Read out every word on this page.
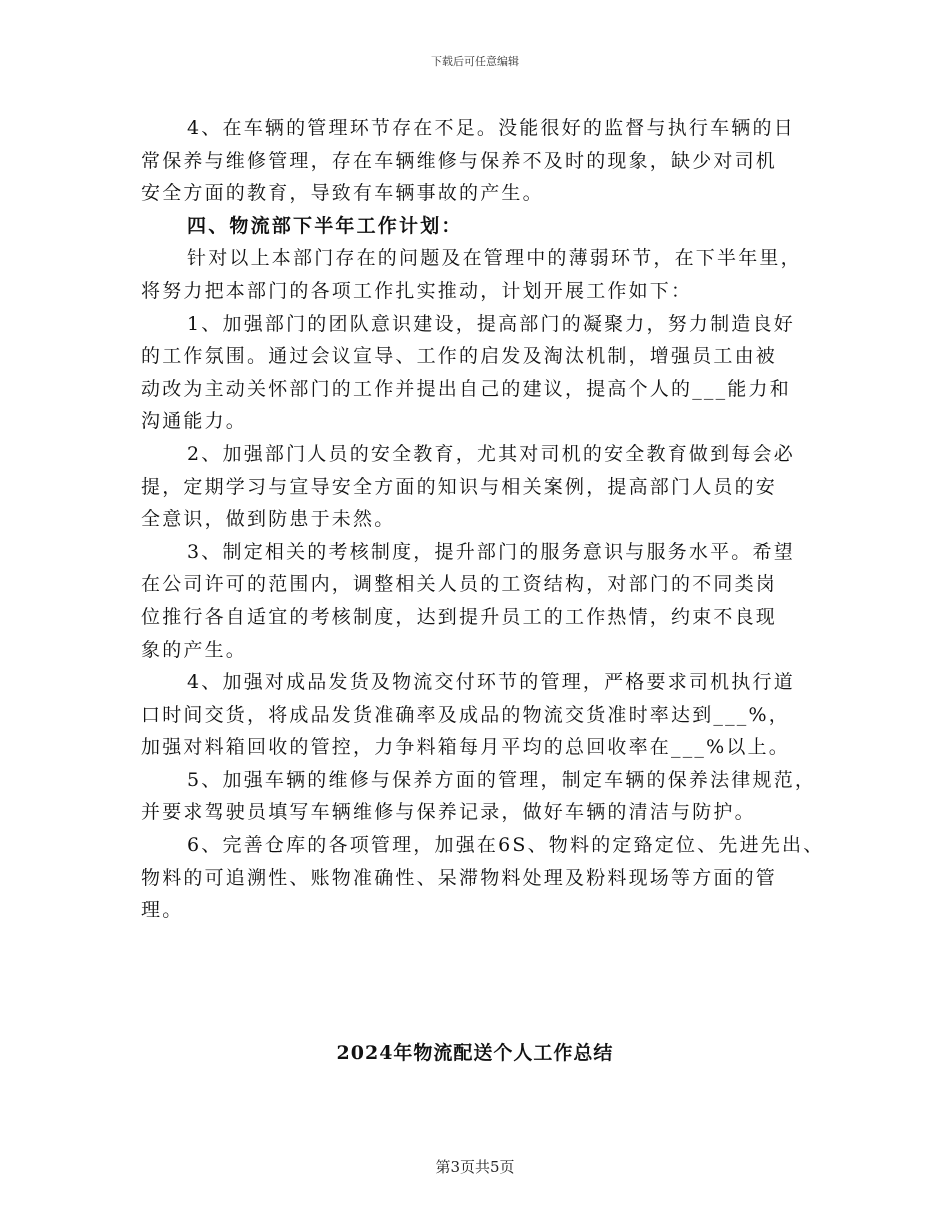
下载后可任意编辑
4、在车辆的管理环节存在不足。没能很好的监督与执行车辆的日
常保养与维修管理，存在车辆维修与保养不及时的现象，缺少对司机
安全方面的教育，导致有车辆事故的产生。
四、物流部下半年工作计划：
针对以上本部门存在的问题及在管理中的薄弱环节，在下半年里，
将努力把本部门的各项工作扎实推动，计划开展工作如下：
1、加强部门的团队意识建设，提高部门的凝聚力，努力制造良好
的工作氛围。通过会议宣导、工作的启发及淘汰机制，增强员工由被
动改为主动关怀部门的工作并提出自己的建议，提高个人的___能力和
沟通能力。
2、加强部门人员的安全教育，尤其对司机的安全教育做到每会必
提，定期学习与宣导安全方面的知识与相关案例，提高部门人员的安
全意识，做到防患于未然。
3、制定相关的考核制度，提升部门的服务意识与服务水平。希望
在公司许可的范围内，调整相关人员的工资结构，对部门的不同类岗
位推行各自适宜的考核制度，达到提升员工的工作热情，约束不良现
象的产生。
4、加强对成品发货及物流交付环节的管理，严格要求司机执行道
口时间交货，将成品发货准确率及成品的物流交货准时率达到___%，
加强对料箱回收的管控，力争料箱每月平均的总回收率在___%以上。
5、加强车辆的维修与保养方面的管理，制定车辆的保养法律规范，
并要求驾驶员填写车辆维修与保养记录，做好车辆的清洁与防护。
6、完善仓库的各项管理，加强在6S、物料的定臵定位、先进先出、
物料的可追溯性、账物准确性、呆滞物料处理及粉料现场等方面的管
理。
2024年物流配送个人工作总结
第3页共5页
